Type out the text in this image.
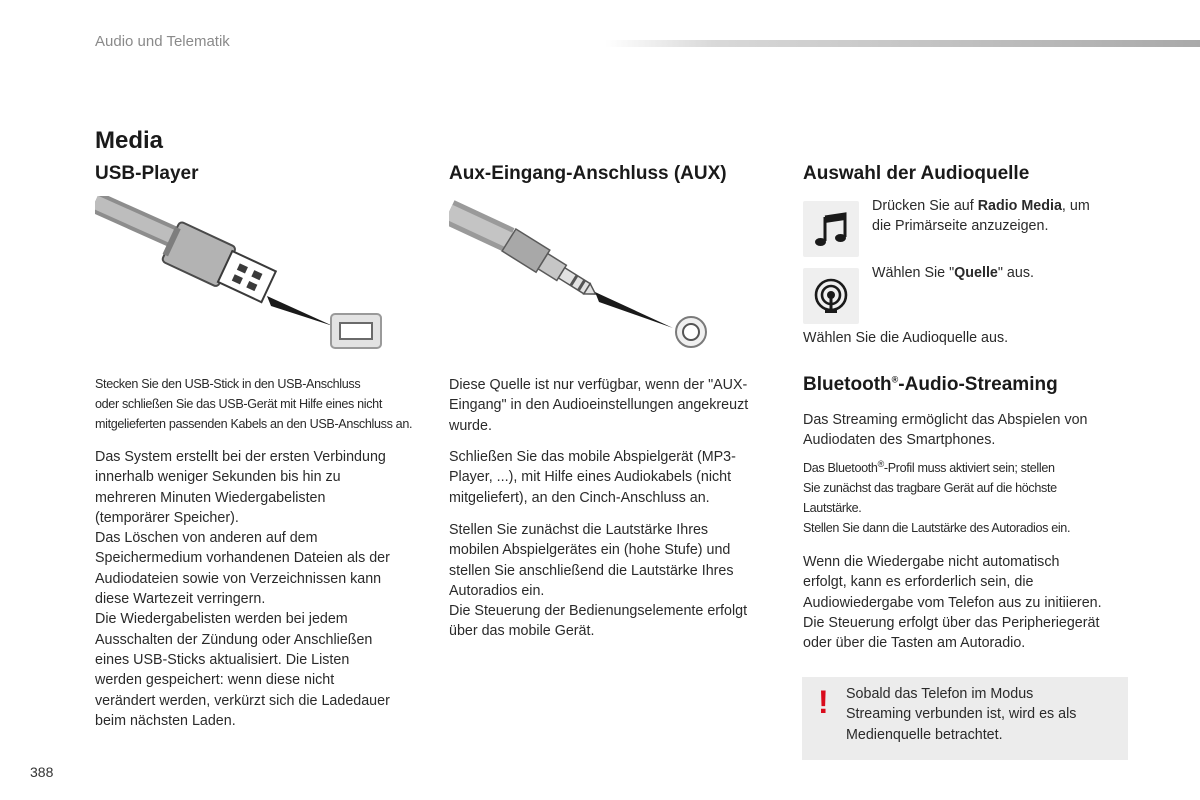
Audio und Telematik
Media
USB-Player
Stecken Sie den USB-Stick in den USB-Anschluss
oder schließen Sie das USB-Gerät mit Hilfe eines nicht
mitgelieferten passenden Kabels an den USB-Anschluss an.
Das System erstellt bei der ersten Verbindung
innerhalb weniger Sekunden bis hin zu
mehreren Minuten Wiedergabelisten
(temporärer Speicher).
Das Löschen von anderen auf dem
Speichermedium vorhandenen Dateien als der
Audiodateien sowie von Verzeichnissen kann
diese Wartezeit verringern.
Die Wiedergabelisten werden bei jedem
Ausschalten der Zündung oder Anschließen
eines USB-Sticks aktualisiert. Die Listen
werden gespeichert: wenn diese nicht
verändert werden, verkürzt sich die Ladedauer
beim nächsten Laden.
Aux-Eingang-Anschluss (AUX)
Diese Quelle ist nur verfügbar, wenn der "AUX-
Eingang" in den Audioeinstellungen angekreuzt
wurde.
Schließen Sie das mobile Abspielgerät (MP3-
Player, ...), mit Hilfe eines Audiokabels (nicht
mitgeliefert), an den Cinch-Anschluss an.
Stellen Sie zunächst die Lautstärke Ihres
mobilen Abspielgerätes ein (hohe Stufe) und
stellen Sie anschließend die Lautstärke Ihres
Autoradios ein.
Die Steuerung der Bedienungselemente erfolgt
über das mobile Gerät.
Auswahl der Audioquelle
Drücken Sie auf Radio Media, um
die Primärseite anzuzeigen.
Wählen Sie "Quelle" aus.
Wählen Sie die Audioquelle aus.
Bluetooth®-Audio-Streaming
Das Streaming ermöglicht das Abspielen von
Audiodaten des Smartphones.
Das Bluetooth®-Profil muss aktiviert sein; stellen
Sie zunächst das tragbare Gerät auf die höchste
Lautstärke.
Stellen Sie dann die Lautstärke des Autoradios ein.
Wenn die Wiedergabe nicht automatisch
erfolgt, kann es erforderlich sein, die
Audiowiedergabe vom Telefon aus zu initiieren.
Die Steuerung erfolgt über das Peripheriegerät
oder über die Tasten am Autoradio.
! Sobald das Telefon im Modus
Streaming verbunden ist, wird es als
Medienquelle betrachtet.
388
